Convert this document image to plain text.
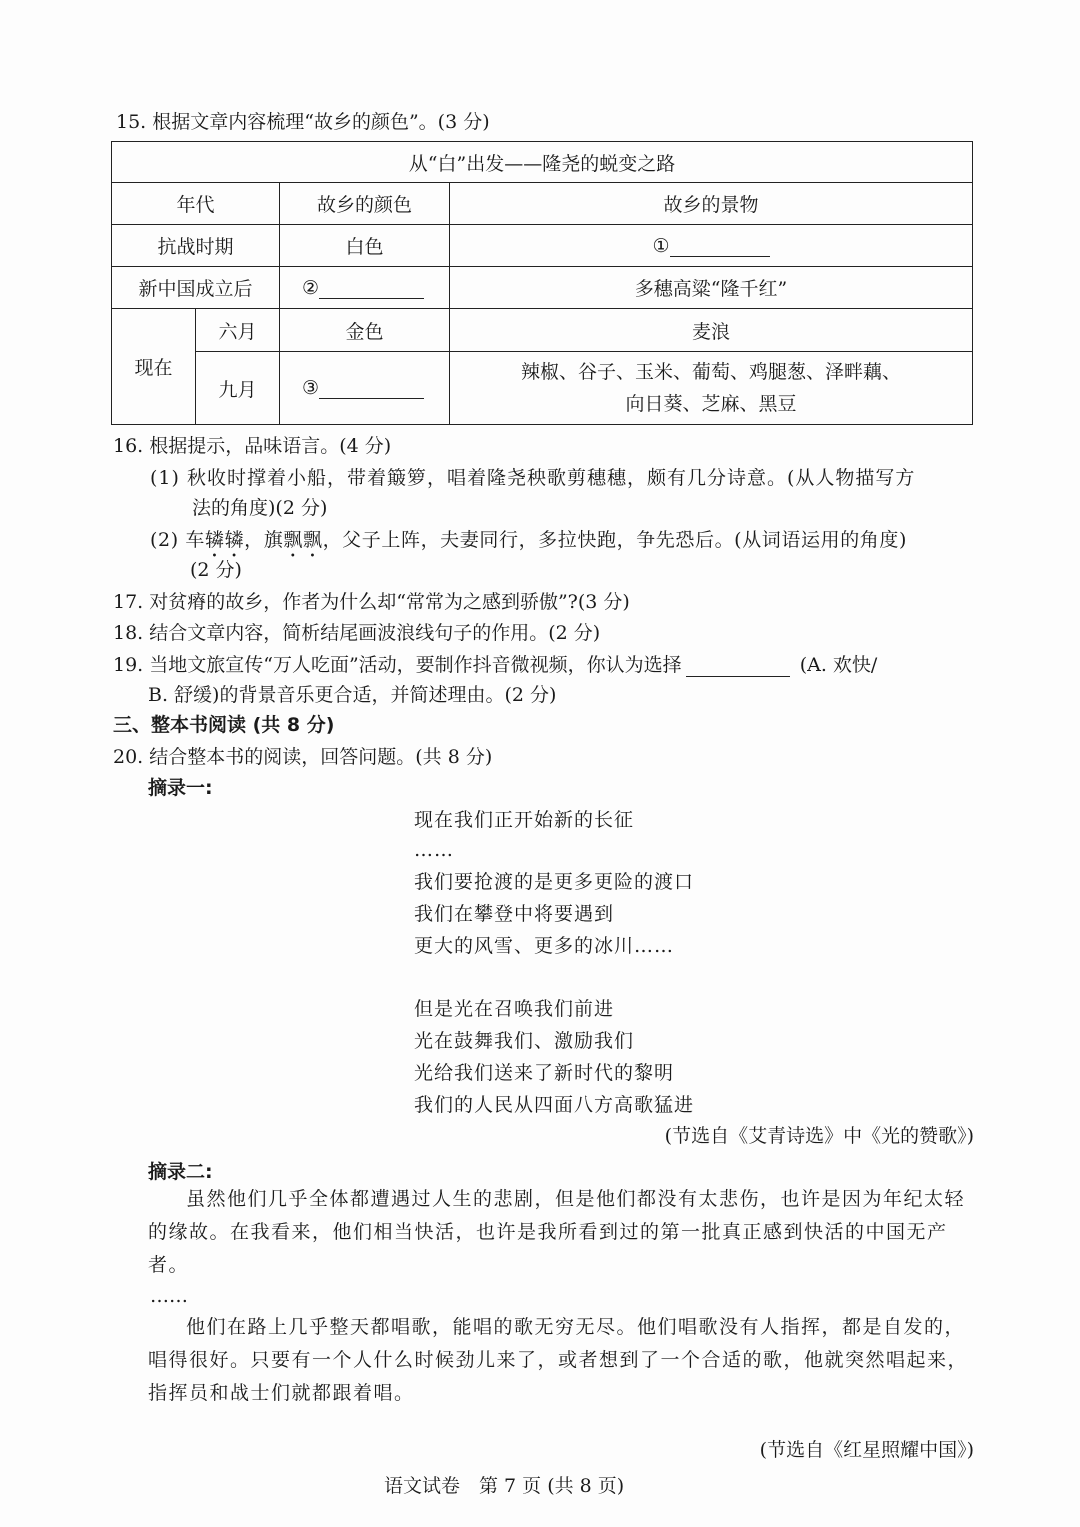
15. 根据文章内容梳理“故乡的颜色”。(3 分)
从“白”出发——隆尧的蜕变之路			
年代		故乡的颜色	故乡的景物
抗战时期		白色	①
新中国成立后		②	多穗高粱“隆千红”
现在	六月	金色	麦浪
	九月	③	辣椒、谷子、玉米、葡萄、鸡腿葱、泽畔藕、
向日葵、芝麻、黑豆
16. 根据提示，品味语言。(4 分)
(1) 秋收时撑着小船，带着簸箩，唱着隆尧秧歌剪穗穗，颇有几分诗意。(从人物描写方
法的角度)(2 分)
(2) 车辚辚，旗飘飘，父子上阵，夫妻同行，多拉快跑，争先恐后。(从词语运用的角度)
(2 分)
17. 对贫瘠的故乡，作者为什么却“常常为之感到骄傲”?(3 分)
18. 结合文章内容，简析结尾画波浪线句子的作用。(2 分)
19. 当地文旅宣传“万人吃面”活动，要制作抖音微视频，你认为选择	(A. 欢快/
B. 舒缓)的背景音乐更合适，并简述理由。(2 分)
三、整本书阅读 (共 8 分)
20. 结合整本书的阅读，回答问题。(共 8 分)
摘录一:
现在我们正开始新的长征
……
我们要抢渡的是更多更险的渡口
我们在攀登中将要遇到
更大的风雪、更多的冰川……
但是光在召唤我们前进
光在鼓舞我们、激励我们
光给我们送来了新时代的黎明
我们的人民从四面八方高歌猛进
(节选自《艾青诗选》中《光的赞歌》)
摘录二:
虽然他们几乎全体都遭遇过人生的悲剧，但是他们都没有太悲伤，也许是因为年纪太轻的缘故。在我看来，他们相当快活，也许是我所看到过的第一批真正感到快活的中国无产者。
……
他们在路上几乎整天都唱歌，能唱的歌无穷无尽。他们唱歌没有人指挥，都是自发的，唱得很好。只要有一个人什么时候劲儿来了，或者想到了一个合适的歌，他就突然唱起来，指挥员和战士们就都跟着唱。
(节选自《红星照耀中国》)
语文试卷　第 7 页 (共 8 页)
